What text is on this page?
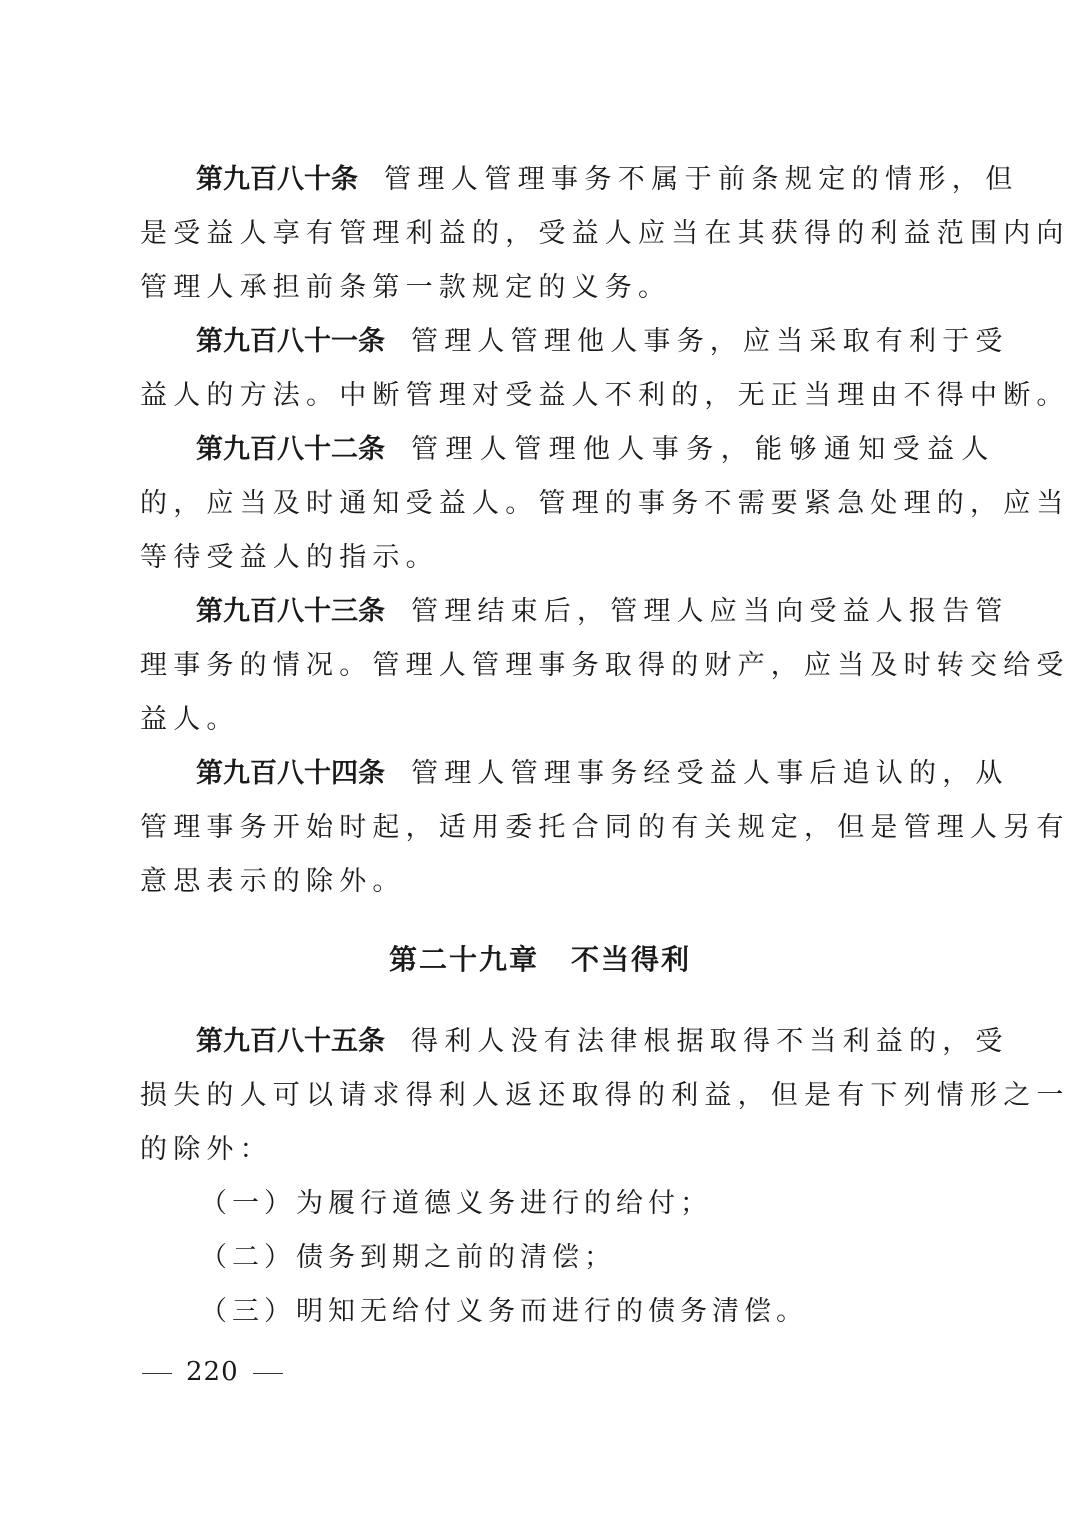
第九百八十条 管理人管理事务不属于前条规定的情形，但
是受益人享有管理利益的，受益人应当在其获得的利益范围内向
管理人承担前条第一款规定的义务。
第九百八十一条 管理人管理他人事务，应当采取有利于受
益人的方法。中断管理对受益人不利的，无正当理由不得中断。
第九百八十二条 管理人管理他人事务，能够通知受益人
的，应当及时通知受益人。管理的事务不需要紧急处理的，应当
等待受益人的指示。
第九百八十三条 管理结束后，管理人应当向受益人报告管
理事务的情况。管理人管理事务取得的财产，应当及时转交给受
益人。
第九百八十四条 管理人管理事务经受益人事后追认的，从
管理事务开始时起，适用委托合同的有关规定，但是管理人另有
意思表示的除外。
第二十九章 不当得利
第九百八十五条 得利人没有法律根据取得不当利益的，受
损失的人可以请求得利人返还取得的利益，但是有下列情形之一
的除外：
（一）为履行道德义务进行的给付；
（二）债务到期之前的清偿；
（三）明知无给付义务而进行的债务清偿。
220
